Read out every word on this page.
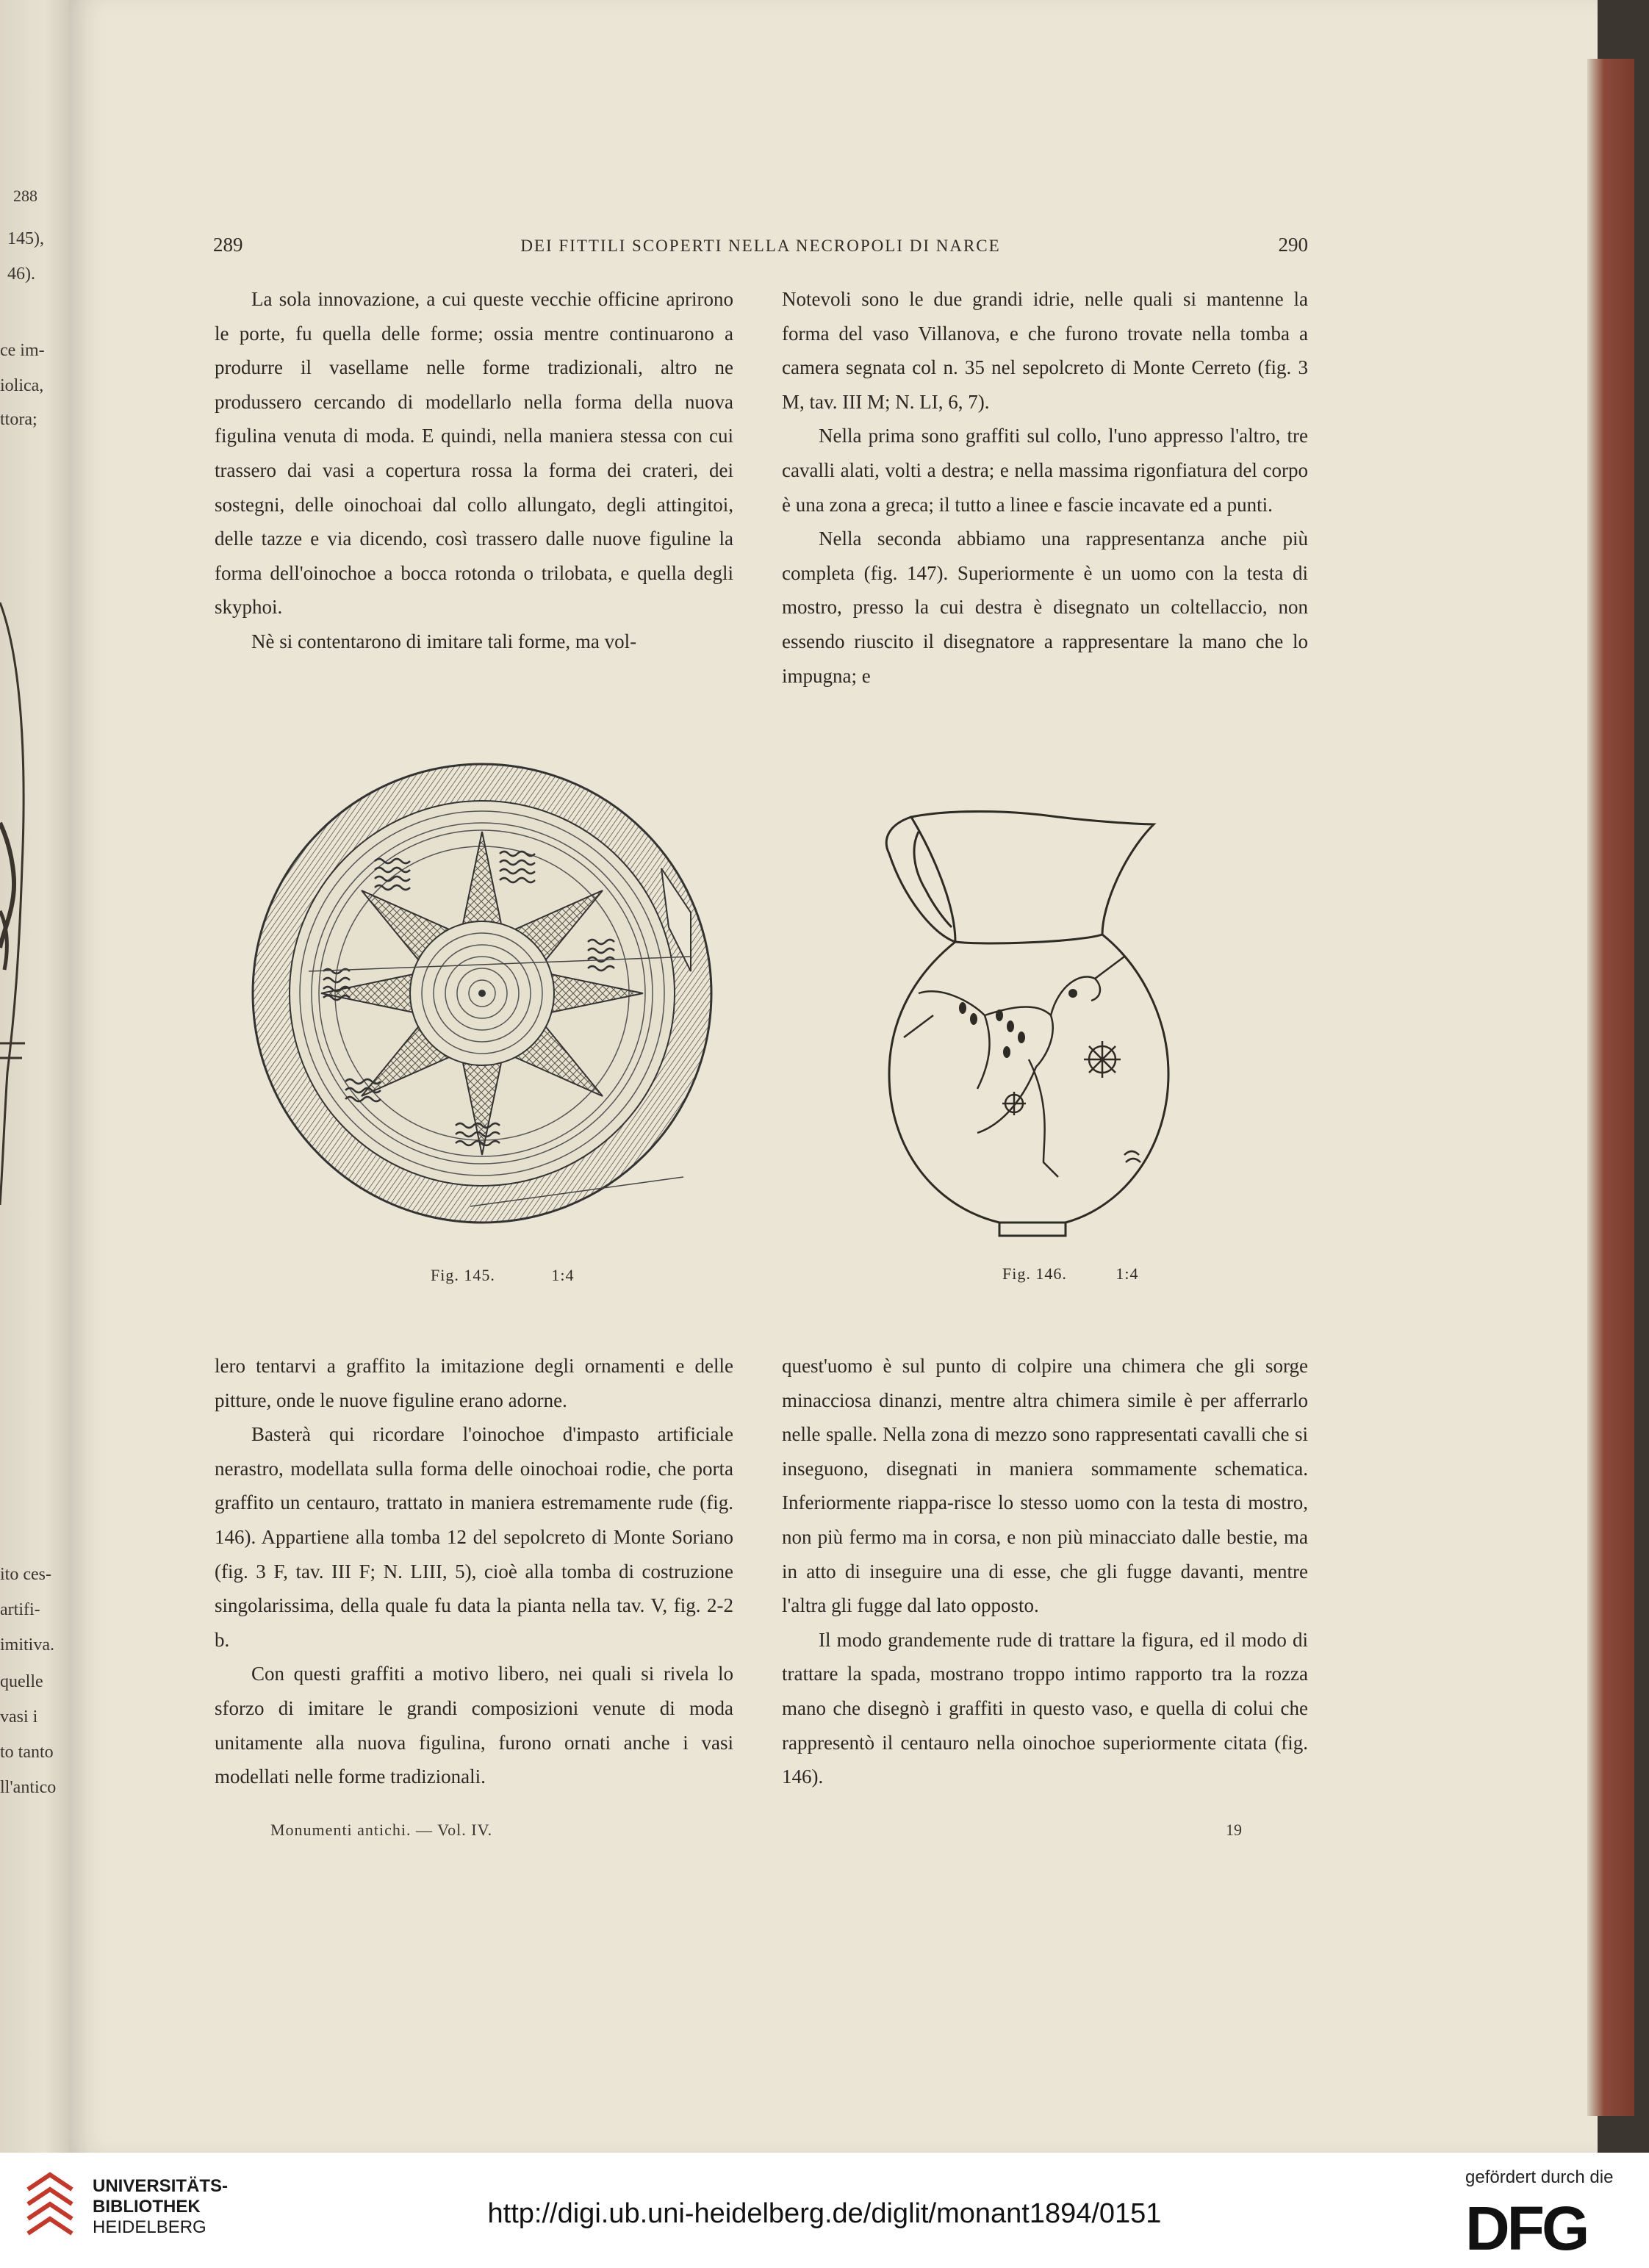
288
145),
46).
ce im-
iolica,
ttora;
ito ces-
artifi-
imitiva.
quelle
vasi i
to tanto
ll'antico
289	DEI FITTILI SCOPERTI NELLA NECROPOLI DI NARCE	290

La sola innovazione, a cui queste vecchie officine aprirono le porte, fu quella delle forme; ossia mentre continuarono a produrre il vasellame nelle forme tradizionali, altro ne produssero cercando di modellarlo nella forma della nuova figulina venuta di moda. E quindi, nella maniera stessa con cui trassero dai vasi a copertura rossa la forma dei crateri, dei sostegni, delle oinochoai dal collo allungato, degli attingitoi, delle tazze e via dicendo, così trassero dalle nuove figuline la forma dell'oinochoe a bocca rotonda o trilobata, e quella degli skyphoi.

Nè si contentarono di imitare tali forme, ma vol-

Notevoli sono le due grandi idrie, nelle quali si mantenne la forma del vaso Villanova, e che furono trovate nella tomba a camera segnata col n. 35 nel sepolcreto di Monte Cerreto (fig. 3 M, tav. III M; N. LI, 6, 7).

Nella prima sono graffiti sul collo, l'uno appresso l'altro, tre cavalli alati, volti a destra; e nella massima rigonfiatura del corpo è una zona a greca; il tutto a linee e fascie incavate ed a punti.

Nella seconda abbiamo una rappresentanza anche più completa (fig. 147). Superiormente è un uomo con la testa di mostro, presso la cui destra è disegnato un coltellaccio, non essendo riuscito il disegnatore a rappresentare la mano che lo impugna; e

Fig. 145.	1:4	Fig. 146.	1:4

lero tentarvi a graffito la imitazione degli ornamenti e delle pitture, onde le nuove figuline erano adorne.

Basterà qui ricordare l'oinochoe d'impasto artificiale nerastro, modellata sulla forma delle oinochoai rodie, che porta graffito un centauro, trattato in maniera estremamente rude (fig. 146). Appartiene alla tomba 12 del sepolcreto di Monte Soriano (fig. 3 F, tav. III F; N. LIII, 5), cioè alla tomba di costruzione singolarissima, della quale fu data la pianta nella tav. V, fig. 2-2 b.

Con questi graffiti a motivo libero, nei quali si rivela lo sforzo di imitare le grandi composizioni venute di moda unitamente alla nuova figulina, furono ornati anche i vasi modellati nelle forme tradizionali.

quest'uomo è sul punto di colpire una chimera che gli sorge minacciosa dinanzi, mentre altra chimera simile è per afferrarlo nelle spalle. Nella zona di mezzo sono rappresentati cavalli che si inseguono, disegnati in maniera sommamente schematica. Inferiormente riappa-risce lo stesso uomo con la testa di mostro, non più fermo ma in corsa, e non più minacciato dalle bestie, ma in atto di inseguire una di esse, che gli fugge davanti, mentre l'altra gli fugge dal lato opposto.

Il modo grandemente rude di trattare la figura, ed il modo di trattare la spada, mostrano troppo intimo rapporto tra la rozza mano che disegnò i graffiti in questo vaso, e quella di colui che rappresentò il centauro nella oinochoe superiormente citata (fig. 146).

Monumenti antichi. — Vol. IV.	19
UNIVERSITÄTS-
BIBLIOTHEK
HEIDELBERG	http://digi.ub.uni-heidelberg.de/diglit/monant1894/0151
gefördert durch die
DFG
